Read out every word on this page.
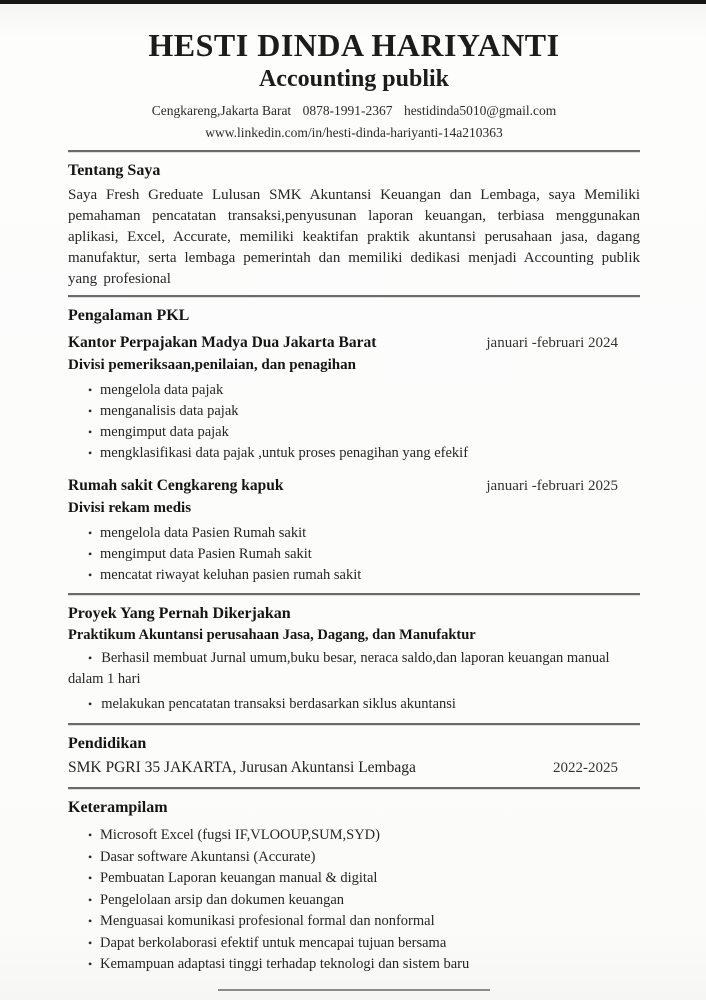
HESTI DINDA HARIYANTI
Accounting publik
Cengkareng,Jakarta Barat 0878-1991-2367 hestidinda5010@gmail.com
www.linkedin.com/in/hesti-dinda-hariyanti-14a210363
Tentang Saya
Saya Fresh Greduate Lulusan SMK Akuntansi Keuangan dan Lembaga, saya Memiliki pemahaman pencatatan transaksi,penyusunan laporan keuangan, terbiasa menggunakan aplikasi, Excel, Accurate, memiliki keaktifan praktik akuntansi perusahaan jasa, dagang manufaktur, serta lembaga pemerintah dan memiliki dedikasi menjadi Accounting publik yang profesional
Pengalaman PKL
Kantor Perpajakan Madya Dua Jakarta Barat	januari -februari 2024
Divisi pemeriksaan,penilaian, dan penagihan
• mengelola data pajak
• menganalisis data pajak
• mengimput data pajak
• mengklasifikasi data pajak ,untuk proses penagihan yang efekif
Rumah sakit Cengkareng kapuk	januari -februari 2025
Divisi rekam medis
• mengelola data Pasien Rumah sakit
• mengimput data Pasien Rumah sakit
• mencatat riwayat keluhan pasien rumah sakit
Proyek Yang Pernah Dikerjakan
Praktikum Akuntansi perusahaan Jasa, Dagang, dan Manufaktur

• Berhasil membuat Jurnal umum,buku besar, neraca saldo,dan laporan keuangan manual dalam 1 hari

• melakukan pencatatan transaksi berdasarkan siklus akuntansi

Pendidikan
SMK PGRI 35 JAKARTA, Jurusan Akuntansi Lembaga	2022-2025
Keterampilam
• Microsoft Excel (fugsi IF,VLOOUP,SUM,SYD)
• Dasar software Akuntansi (Accurate)
• Pembuatan Laporan keuangan manual & digital
• Pengelolaan arsip dan dokumen keuangan
• Menguasai komunikasi profesional formal dan nonformal
• Dapat berkolaborasi efektif untuk mencapai tujuan bersama
• Kemampuan adaptasi tinggi terhadap teknologi dan sistem baru
